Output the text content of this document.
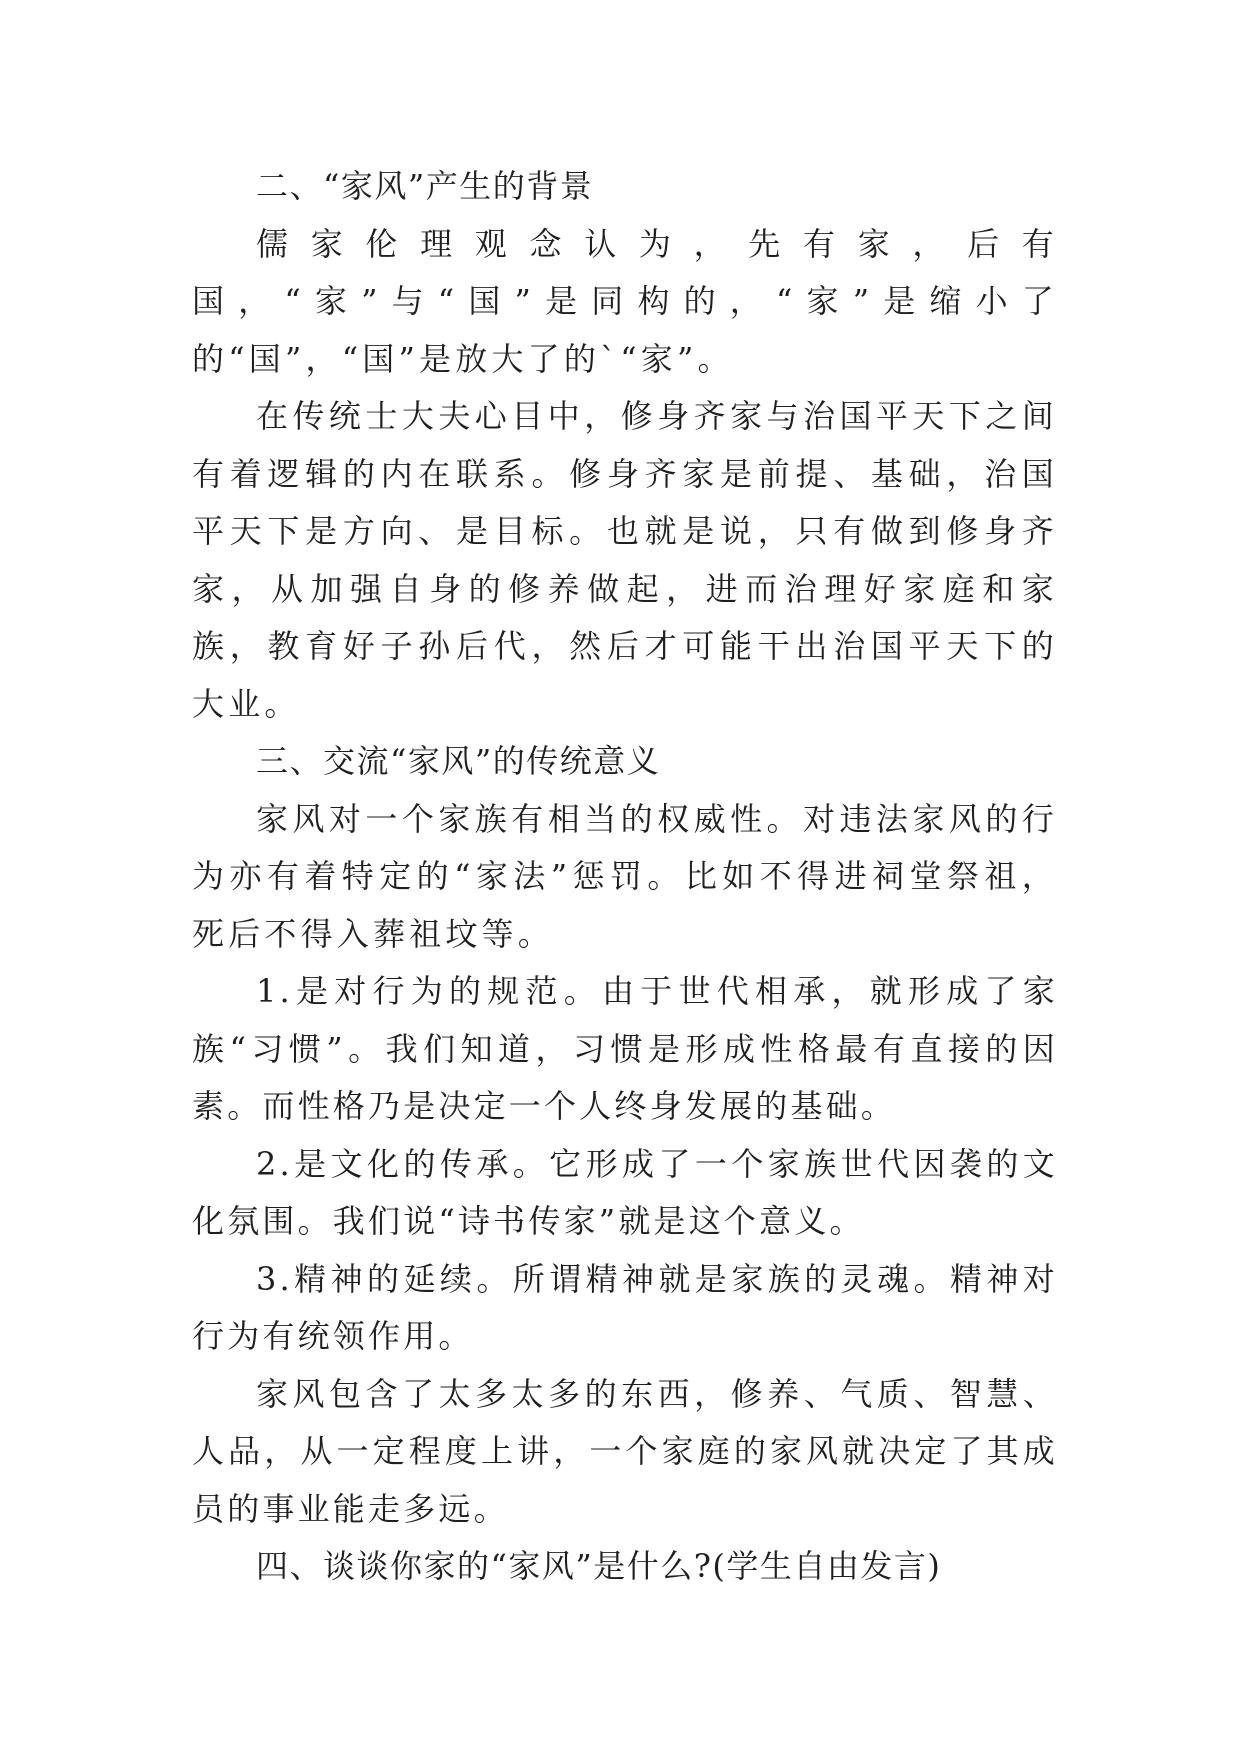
二、“家风”产生的背景

儒家伦理观念认为，先有家，后有国，“家”与“国”是同构的，“家”是缩小了的“国”，“国”是放大了的`“家”。

在传统士大夫心目中，修身齐家与治国平天下之间有着逻辑的内在联系。修身齐家是前提、基础，治国平天下是方向、是目标。也就是说，只有做到修身齐家，从加强自身的修养做起，进而治理好家庭和家族，教育好子孙后代，然后才可能干出治国平天下的大业。

三、交流“家风”的传统意义

家风对一个家族有相当的权威性。对违法家风的行为亦有着特定的“家法”惩罚。比如不得进祠堂祭祖，死后不得入葬祖坟等。

1.是对行为的规范。由于世代相承，就形成了家族“习惯”。我们知道，习惯是形成性格最有直接的因素。而性格乃是决定一个人终身发展的基础。

2.是文化的传承。它形成了一个家族世代因袭的文化氛围。我们说“诗书传家”就是这个意义。

3.精神的延续。所谓精神就是家族的灵魂。精神对行为有统领作用。

家风包含了太多太多的东西，修养、气质、智慧、人品，从一定程度上讲，一个家庭的家风就决定了其成员的事业能走多远。

四、谈谈你家的“家风”是什么?(学生自由发言)
